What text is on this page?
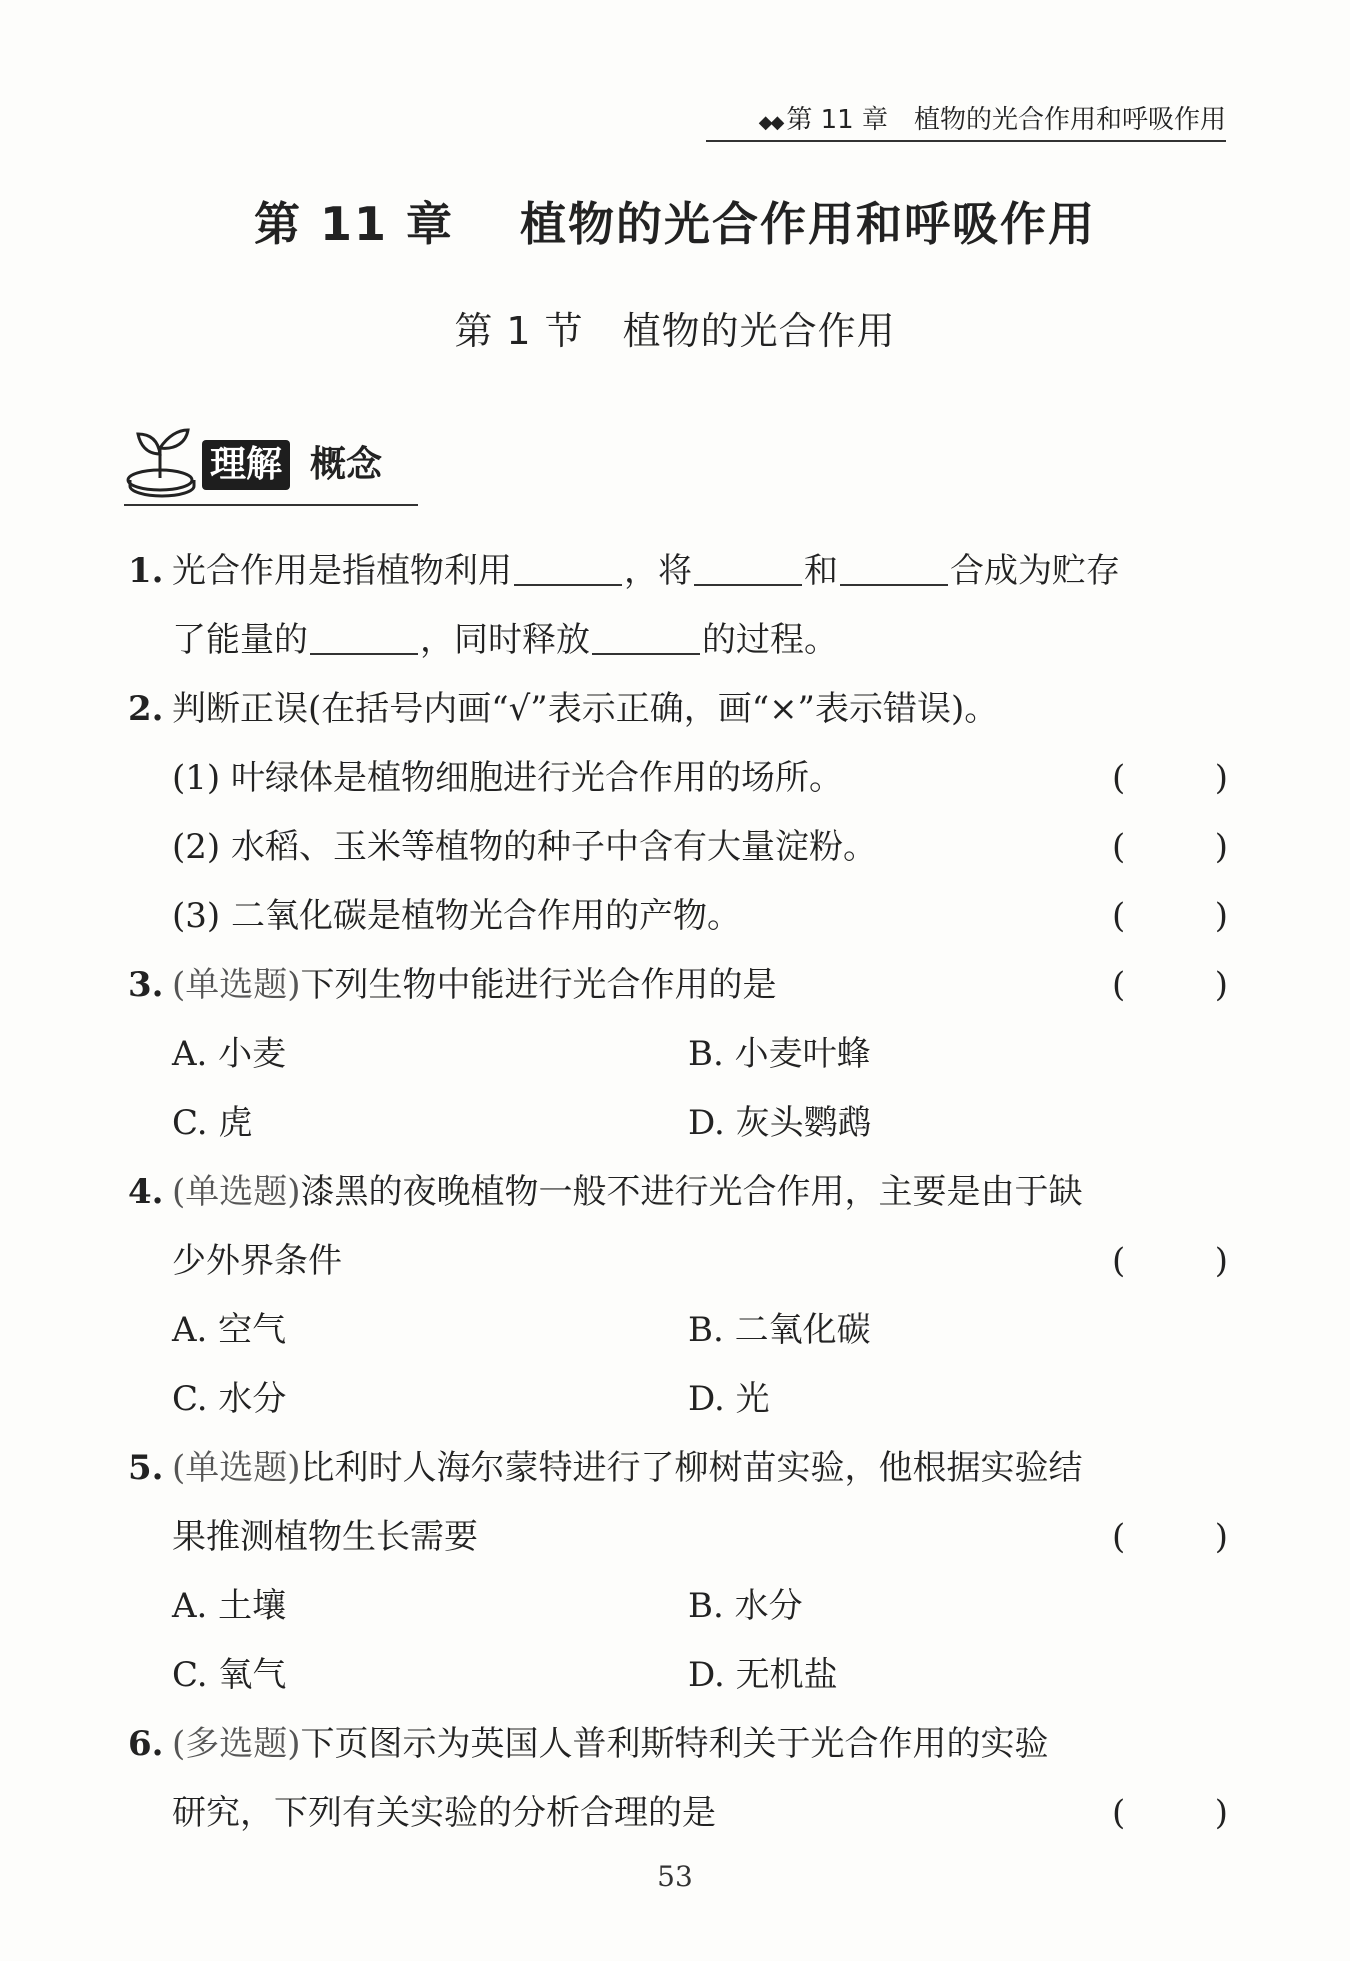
◆◆ 第 11 章　植物的光合作用和呼吸作用
第 11 章　 植物的光合作用和呼吸作用
第 1 节　植物的光合作用
理解 概念
1. 光合作用是指植物利用	，将	和	合成为贮存
了能量的	，同时释放	的过程。
2. 判断正误(在括号内画“√”表示正确，画“×”表示错误)。
(1) 叶绿体是植物细胞进行光合作用的场所。	(	)
(2) 水稻、玉米等植物的种子中含有大量淀粉。	(	)
(3) 二氧化碳是植物光合作用的产物。	(	)
3. (单选题)下列生物中能进行光合作用的是	(	)
A. 小麦	B. 小麦叶蜂
C. 虎	D. 灰头鹦鹉
4. (单选题)漆黑的夜晚植物一般不进行光合作用，主要是由于缺
少外界条件	(	)
A. 空气	B. 二氧化碳
C. 水分	D. 光
5. (单选题)比利时人海尔蒙特进行了柳树苗实验，他根据实验结
果推测植物生长需要	(	)
A. 土壤	B. 水分
C. 氧气	D. 无机盐
6. (多选题)下页图示为英国人普利斯特利关于光合作用的实验
研究，下列有关实验的分析合理的是	(	)
53
